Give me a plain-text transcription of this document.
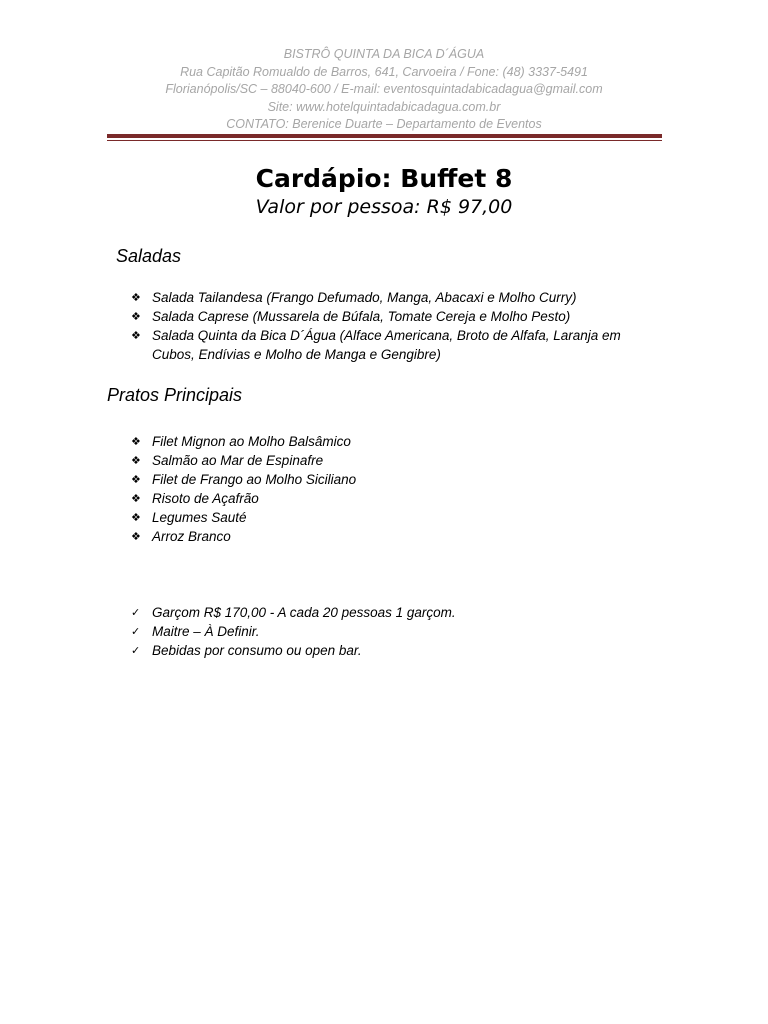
BISTRÔ QUINTA DA BICA D´ÁGUA
Rua Capitão Romualdo de Barros, 641, Carvoeira / Fone: (48) 3337-5491
Florianópolis/SC – 88040-600 / E-mail: eventosquintadabicadagua@gmail.com
Site: www.hotelquintadabicadagua.com.br
CONTATO: Berenice Duarte – Departamento de Eventos
Cardápio: Buffet 8
Valor por pessoa: R$ 97,00
Saladas
❖ Salada Tailandesa (Frango Defumado, Manga, Abacaxi e Molho Curry)
❖ Salada Caprese (Mussarela de Búfala, Tomate Cereja e Molho Pesto)
❖ Salada Quinta da Bica D´Água (Alface Americana, Broto de Alfafa, Laranja em Cubos, Endívias e Molho de Manga e Gengibre)
Pratos Principais
❖ Filet Mignon ao Molho Balsâmico
❖ Salmão ao Mar de Espinafre
❖ Filet de Frango ao Molho Siciliano
❖ Risoto de Açafrão
❖ Legumes Sauté
❖ Arroz Branco
✓ Garçom R$ 170,00 - A cada 20 pessoas 1 garçom.
✓ Maitre – À Definir.
✓ Bebidas por consumo ou open bar.
